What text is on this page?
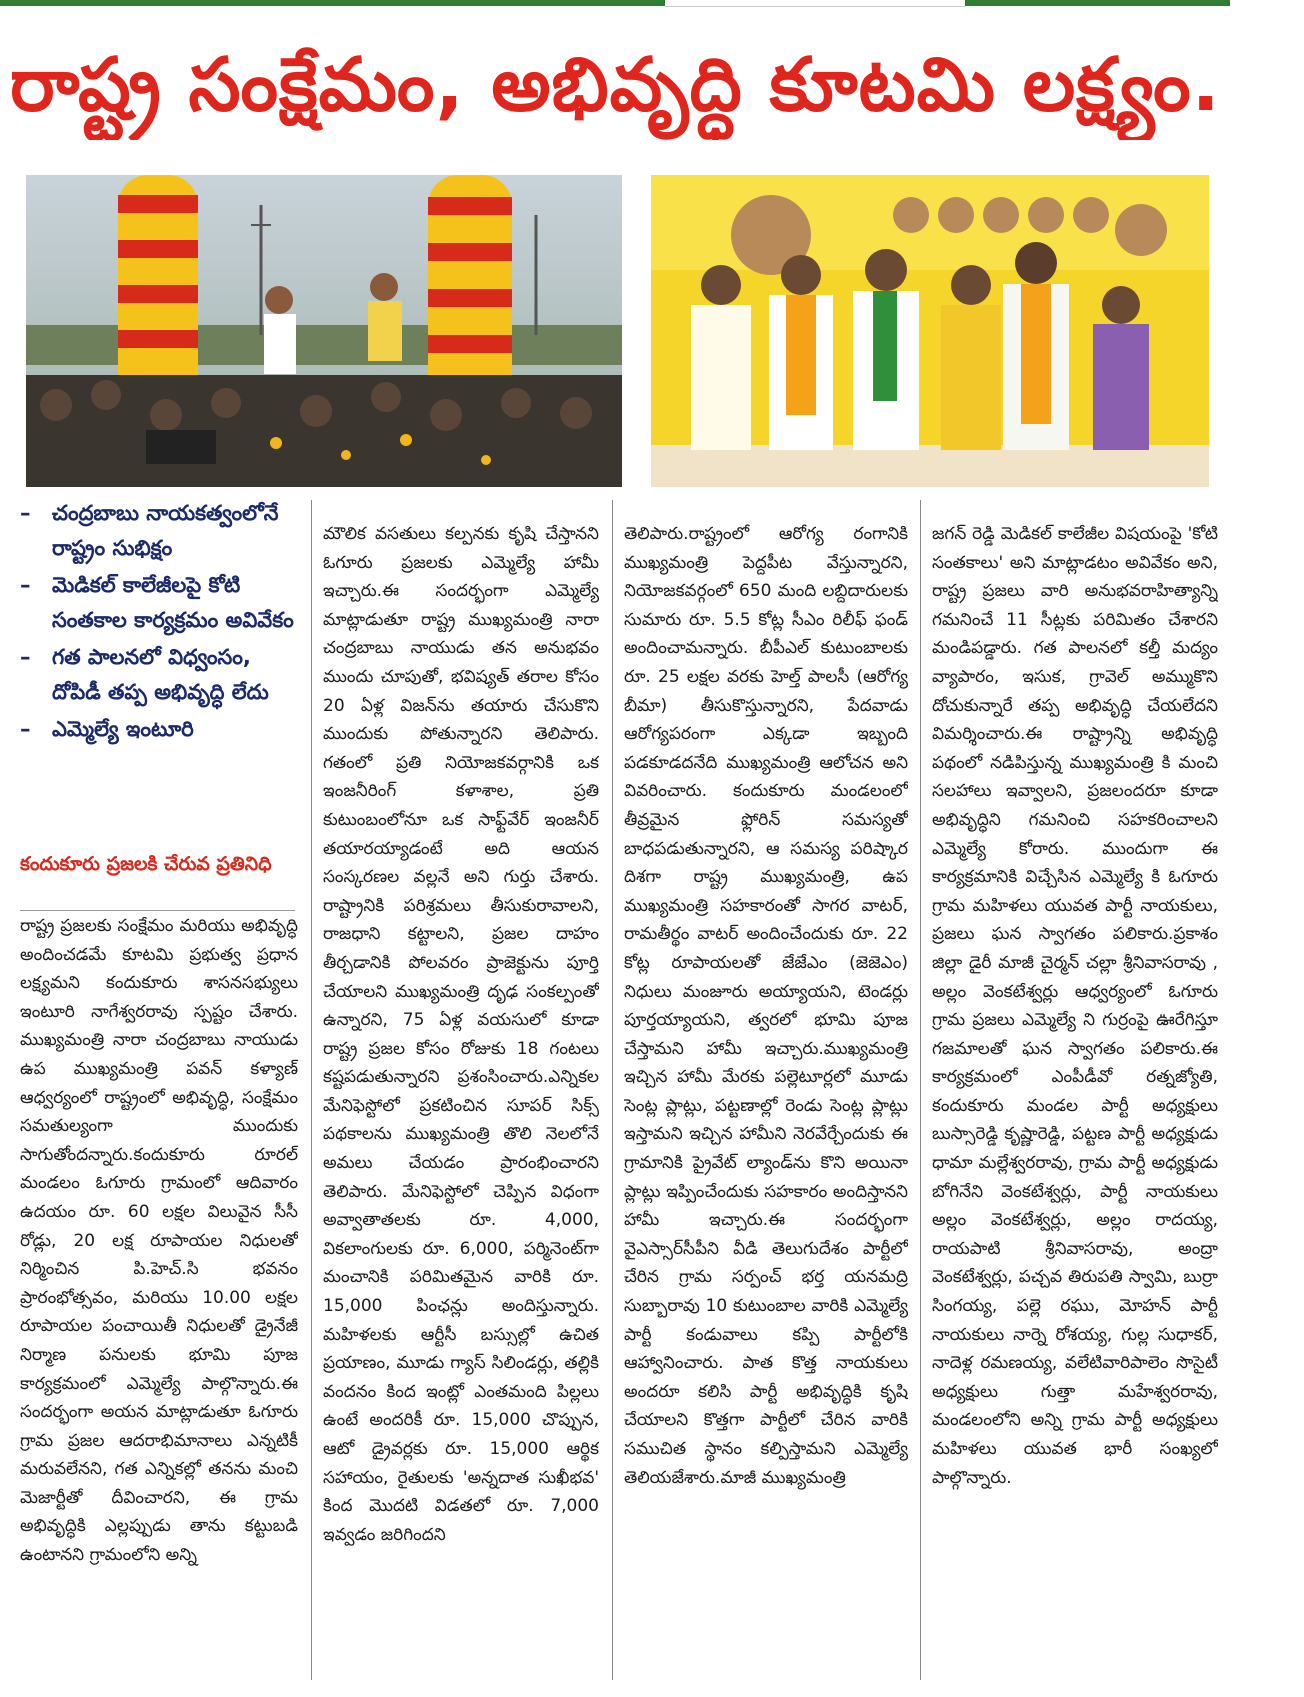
రాష్ట్ర సంక్షేమం, అభివృద్ధి కూటమి లక్ష్యం.
–	చంద్రబాబు నాయకత్వంలోనే రాష్ట్రం సుభిక్షం
–	మెడికల్ కాలేజీలపై కోటి సంతకాల కార్యక్రమం అవివేకం
–	గత పాలనలో విధ్వంసం, దోపిడీ తప్ప అభివృద్ధి లేదు
–	ఎమ్మెల్యే ఇంటూరి
కందుకూరు ప్రజలకి చేరువ ప్రతినిధి
రాష్ట్ర ప్రజలకు సంక్షేమం మరియు అభివృద్ధి అందించడమే కూటమి ప్రభుత్వ ప్రధాన లక్ష్యమని కందుకూరు శాసనసభ్యులు ఇంటూరి నాగేశ్వరరావు స్పష్టం చేశారు. ముఖ్యమంత్రి నారా చంద్రబాబు నాయుడు ఉప ముఖ్యమంత్రి పవన్ కళ్యాణ్ ఆధ్వర్యంలో రాష్ట్రంలో అభివృద్ధి, సంక్షేమం సమతుల్యంగా ముందుకు సాగుతోందన్నారు.కందుకూరు రూరల్ మండలం ఓగూరు గ్రామంలో ఆదివారం ఉదయం రూ. 60 లక్షల విలువైన సీసీ రోడ్లు, 20 లక్ష రూపాయల నిధులతో నిర్మించిన పి.హెచ్.సి భవనం ప్రారంభోత్సవం, మరియు 10.00 లక్షల రూపాయల పంచాయితీ నిధులతో డ్రైనేజీ నిర్మాణ పనులకు భూమి పూజ కార్యక్రమంలో ఎమ్మెల్యే పాల్గొన్నారు.ఈ సందర్భంగా అయన మాట్లాడుతూ ఓగూరు గ్రామ ప్రజల ఆదరాభిమానాలు ఎన్నటికీ మరువలేనని, గత ఎన్నికల్లో తనను మంచి మెజార్టీతో దీవించారని, ఈ గ్రామ అభివృద్ధికి ఎల్లప్పుడు తాను కట్టుబడి ఉంటానని గ్రామంలోని అన్ని
మౌలిక వసతులు కల్పనకు కృషి చేస్తానని ఓగూరు ప్రజలకు ఎమ్మెల్యే హామీ ఇచ్చారు.ఈ సందర్భంగా ఎమ్మెల్యే మాట్లాడుతూ రాష్ట్ర ముఖ్యమంత్రి నారా చంద్రబాబు నాయుడు తన అనుభవం ముందు చూపుతో, భవిష్యత్ తరాల కోసం 20 ఏళ్ల విజన్‌ను తయారు చేసుకొని ముందుకు పోతున్నారని తెలిపారు. గతంలో ప్రతి నియోజకవర్గానికి ఒక ఇంజనీరింగ్ కళాశాల, ప్రతి కుటుంబంలోనూ ఒక సాఫ్ట్‌వేర్ ఇంజనీర్ తయారయ్యాడంటే అది ఆయన సంస్కరణల వల్లనే అని గుర్తు చేశారు. రాష్ట్రానికి పరిశ్రమలు తీసుకురావాలని, రాజధాని కట్టాలని, ప్రజల దాహం తీర్చడానికి పోలవరం ప్రాజెక్టును పూర్తి చేయాలని ముఖ్యమంత్రి దృఢ సంకల్పంతో ఉన్నారని, 75 ఏళ్ల వయసులో కూడా రాష్ట్ర ప్రజల కోసం రోజుకు 18 గంటలు కష్టపడుతున్నారని ప్రశంసించారు.ఎన్నికల మేనిఫెస్టోలో ప్రకటించిన సూపర్ సిక్స్ పథకాలను ముఖ్యమంత్రి తొలి నెలలోనే అమలు చేయడం ప్రారంభించారని తెలిపారు. మేనిఫెస్టోలో చెప్పిన విధంగా అవ్వాతాతలకు రూ. 4,000, వికలాంగులకు రూ. 6,000, పర్మినెంట్‌గా మంచానికి పరిమితమైన వారికి రూ. 15,000 పింఛన్లు అందిస్తున్నారు. మహిళలకు ఆర్టీసీ బస్సుల్లో ఉచిత ప్రయాణం, మూడు గ్యాస్ సిలిండర్లు, తల్లికి వందనం కింద ఇంట్లో ఎంతమంది పిల్లలు ఉంటే అందరికీ రూ. 15,000 చొప్పున, ఆటో డ్రైవర్లకు రూ. 15,000 ఆర్థిక సహాయం, రైతులకు 'అన్నదాత సుఖీభవ' కింద మొదటి విడతలో రూ. 7,000 ఇవ్వడం జరిగిందని
తెలిపారు.రాష్ట్రంలో ఆరోగ్య రంగానికి ముఖ్యమంత్రి పెద్దపీట వేస్తున్నారని, నియోజకవర్గంలో 650 మంది లబ్దిదారులకు సుమారు రూ. 5.5 కోట్ల సీఎం రిలీఫ్ ఫండ్ అందించామన్నారు. బీపీఎల్ కుటుంబాలకు రూ. 25 లక్షల వరకు హెల్త్ పాలసీ (ఆరోగ్య బీమా) తీసుకొస్తున్నారని, పేదవాడు ఆరోగ్యపరంగా ఎక్కడా ఇబ్బంది పడకూడదనేది ముఖ్యమంత్రి ఆలోచన అని వివరించారు. కందుకూరు మండలంలో తీవ్రమైన ఫ్లోరిన్ సమస్యతో బాధపడుతున్నారని, ఆ సమస్య పరిష్కార దిశగా రాష్ట్ర ముఖ్యమంత్రి, ఉప ముఖ్యమంత్రి సహకారంతో సాగర వాటర్, రామతీర్థం వాటర్ అందించేందుకు రూ. 22 కోట్ల రూపాయలతో జేజేఎం (జెజెఎం) నిధులు మంజూరు అయ్యాయని, టెండర్లు పూర్తయ్యాయని, త్వరలో భూమి పూజ చేస్తామని హామీ ఇచ్చారు.ముఖ్యమంత్రి ఇచ్చిన హామీ మేరకు పల్లెటూర్లలో మూడు సెంట్ల ప్లాట్లు, పట్టణాల్లో రెండు సెంట్ల ప్లాట్లు ఇస్తామని ఇచ్చిన హామీని నెరవేర్చేందుకు ఈ గ్రామానికి ప్రైవేట్ ల్యాండ్‌ను కొని అయినా ప్లాట్లు ఇప్పించేందుకు సహకారం అందిస్తానని హామీ ఇచ్చారు.ఈ సందర్భంగా వైఎస్సార్‌సీపీని వీడి తెలుగుదేశం పార్టీలో చేరిన గ్రామ సర్పంచ్ భర్త యనమద్రి సుబ్బారావు 10 కుటుంబాల వారికి ఎమ్మెల్యే పార్టీ కండువాలు కప్పి పార్టీలోకి ఆహ్వానించారు. పాత కొత్త నాయకులు అందరూ కలిసి పార్టీ అభివృద్ధికి కృషి చేయాలని కొత్తగా పార్టీలో చేరిన వారికి సముచిత స్థానం కల్పిస్తామని ఎమ్మెల్యే తెలియజేశారు.మాజీ ముఖ్యమంత్రి
జగన్ రెడ్డి మెడికల్ కాలేజీల విషయంపై 'కోటి సంతకాలు' అని మాట్లాడటం అవివేకం అని, రాష్ట్ర ప్రజలు వారి అనుభవరాహిత్యాన్ని గమనించే 11 సీట్లకు పరిమితం చేశారని మండిపడ్డారు. గత పాలనలో కల్తీ మద్యం వ్యాపారం, ఇసుక, గ్రావెల్ అమ్ముకొని దోచుకున్నారే తప్ప అభివృద్ధి చేయలేదని విమర్శించారు.ఈ రాష్ట్రాన్ని అభివృద్ధి పథంలో నడిపిస్తున్న ముఖ్యమంత్రి కి మంచి సలహాలు ఇవ్వాలని, ప్రజలందరూ కూడా అభివృద్ధిని గమనించి సహకరించాలని ఎమ్మెల్యే కోరారు. ముందుగా ఈ కార్యక్రమానికి విచ్చేసిన ఎమ్మెల్యే కి ఓగూరు గ్రామ మహిళలు యువత పార్టీ నాయకులు, ప్రజలు ఘన స్వాగతం పలికారు.ప్రకాశం జిల్లా డైరీ మాజీ చైర్మన్ చల్లా శ్రీనివాసరావు , అల్లం వెంకటేశ్వర్లు ఆధ్వర్యంలో ఓగూరు గ్రామ ప్రజలు ఎమ్మెల్యే ని గుర్రంపై ఊరేగిస్తూ గజమాలతో ఘన స్వాగతం పలికారు.ఈ కార్యక్రమంలో ఎంపీడీవో రత్నజ్యోతి, కందుకూరు మండల పార్టీ అధ్యక్షులు బుస్సారెడ్డి కృష్ణారెడ్డి, పట్టణ పార్టీ అధ్యక్షుడు ధామా మల్లేశ్వరరావు, గ్రామ పార్టీ అధ్యక్షుడు బోగినేని వెంకటేశ్వర్లు, పార్టీ నాయకులు అల్లం వెంకటేశ్వర్లు, అల్లం రాదయ్య, రాయపాటి శ్రీనివాసరావు, అంద్రా వెంకటేశ్వర్లు, పచ్చవ తిరుపతి స్వామి, బుర్రా సింగయ్య, పల్లె రఘు, మోహన్ పార్టీ నాయకులు నార్నె రోశయ్య, గుల్ల సుధాకర్, నాదెళ్ల రమణయ్య, వలేటివారిపాలెం సొసైటీ అధ్యక్షులు గుత్తా మహేశ్వరరావు, మండలంలోని అన్ని గ్రామ పార్టీ అధ్యక్షులు మహిళలు యువత భారీ సంఖ్యలో పాల్గొన్నారు.
